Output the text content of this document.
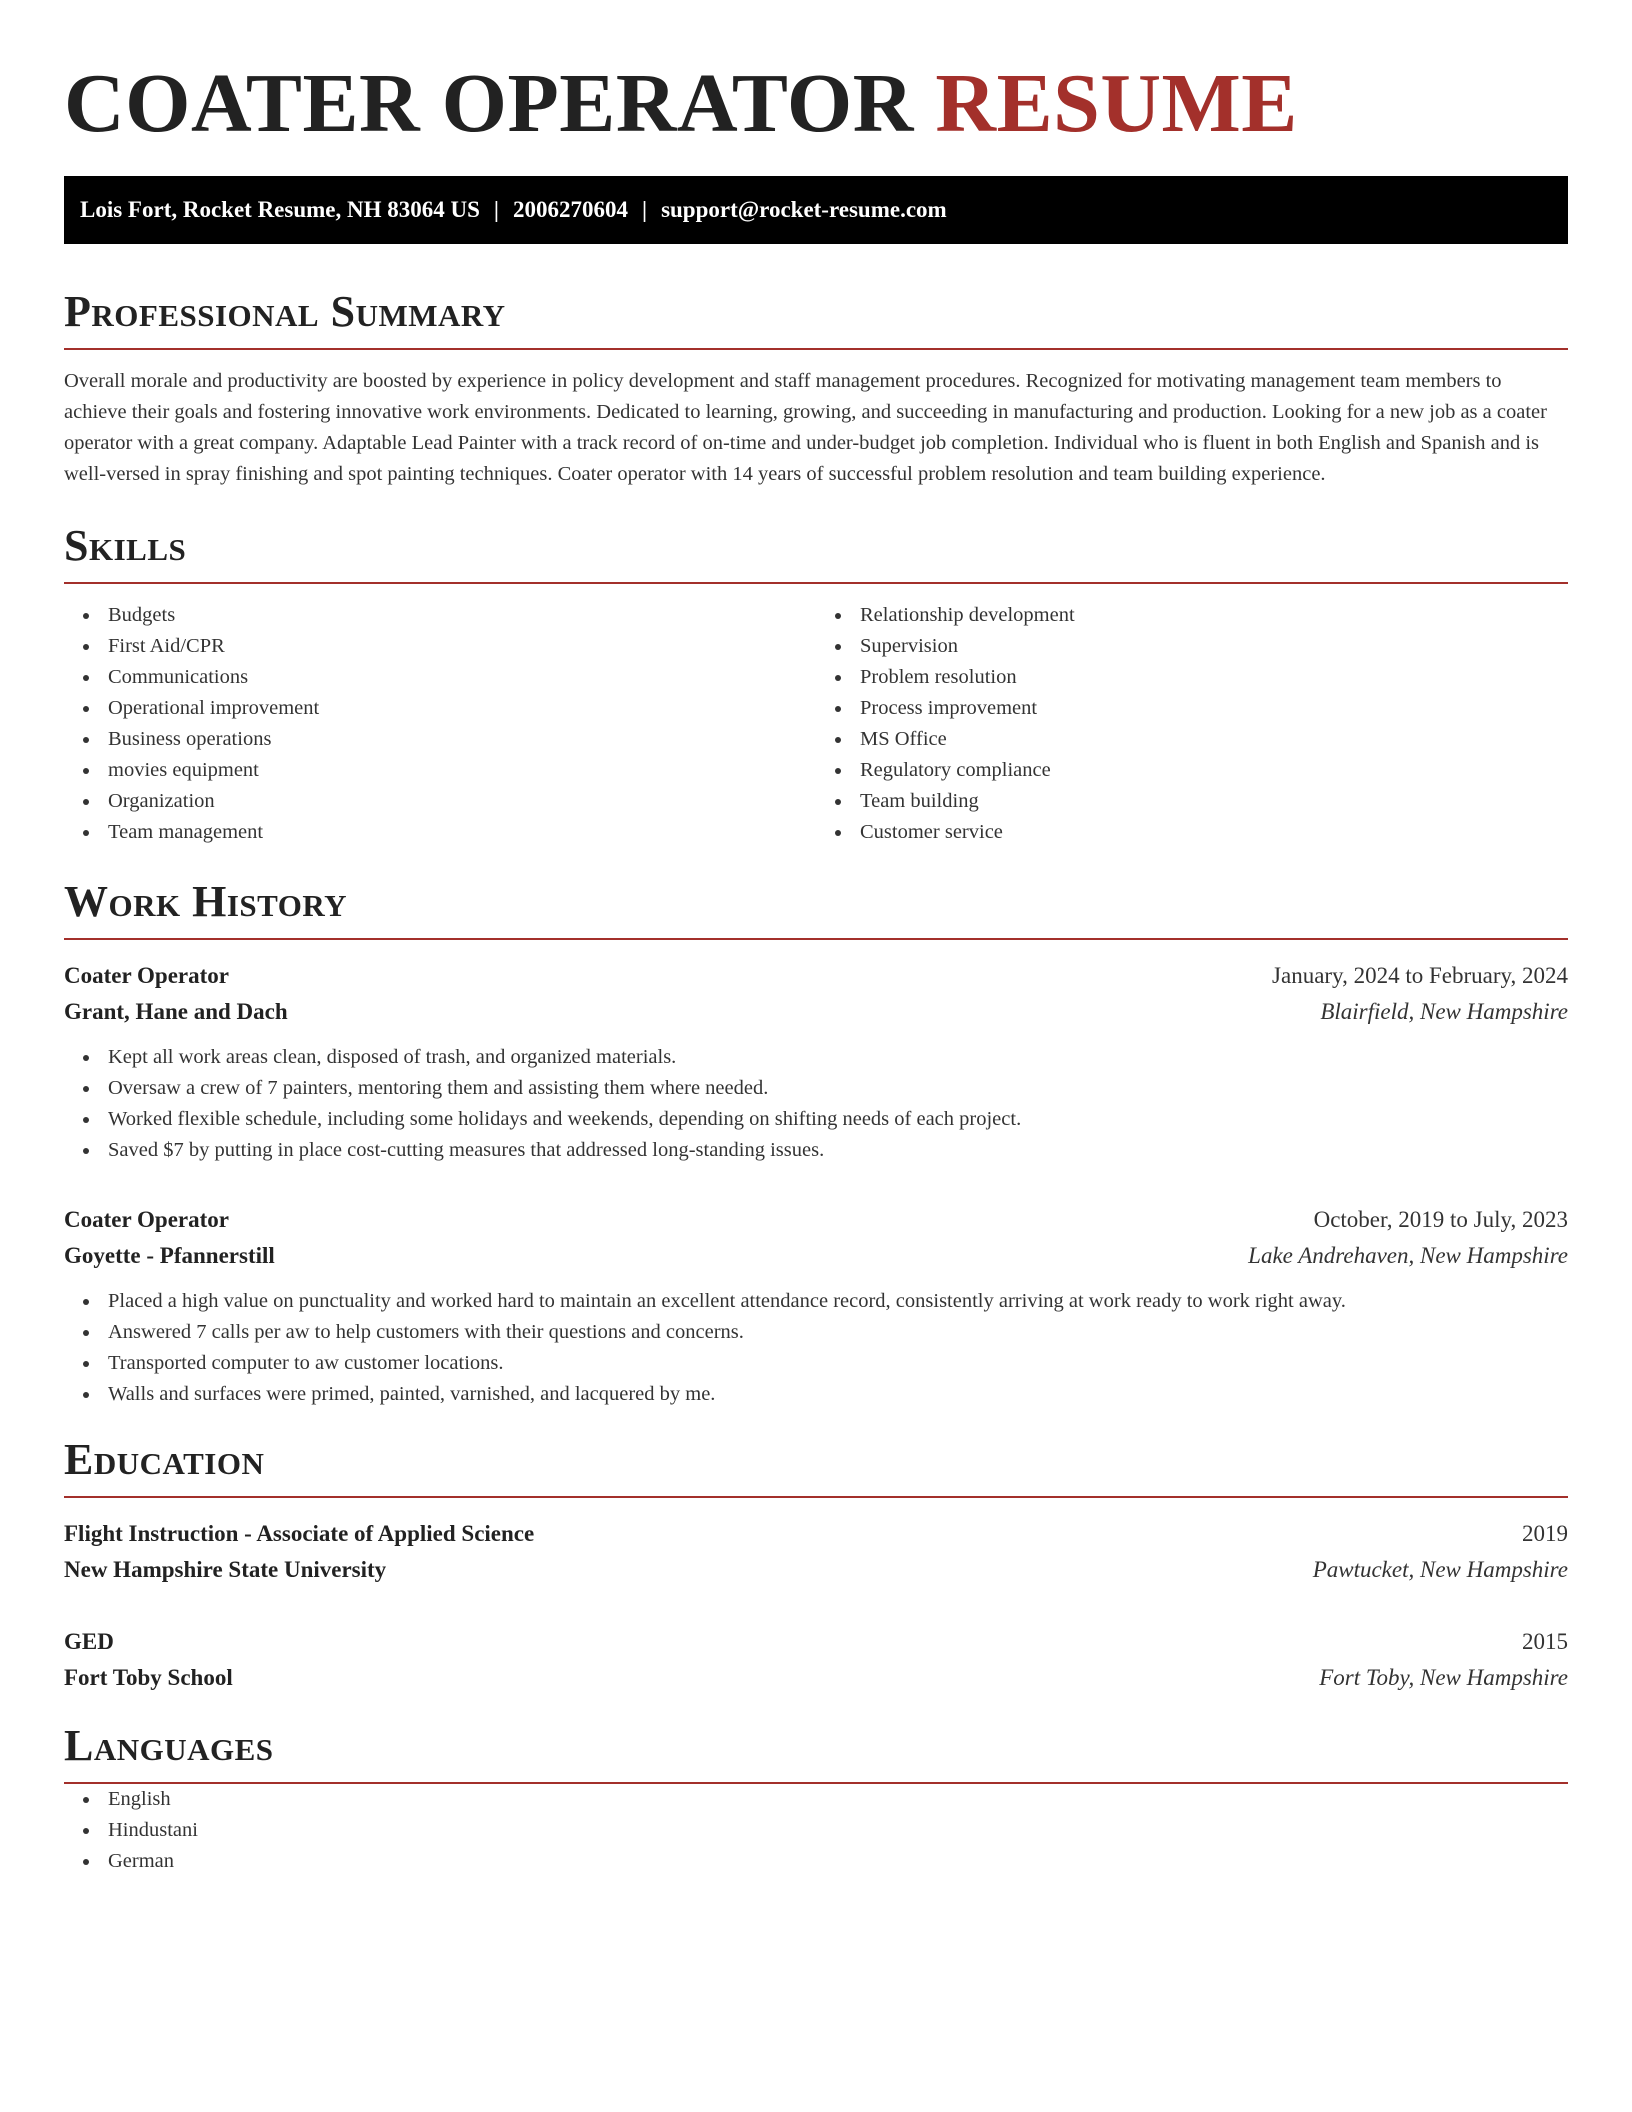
COATER OPERATOR RESUME
Lois Fort, Rocket Resume, NH 83064 US | 2006270604 | support@rocket-resume.com
Professional Summary

Overall morale and productivity are boosted by experience in policy development and staff management procedures. Recognized for motivating management team members to achieve their goals and fostering innovative work environments. Dedicated to learning, growing, and succeeding in manufacturing and production. Looking for a new job as a coater operator with a great company. Adaptable Lead Painter with a track record of on-time and under-budget job completion. Individual who is fluent in both English and Spanish and is well-versed in spray finishing and spot painting techniques. Coater operator with 14 years of successful problem resolution and team building experience.

Skills
Budgets
First Aid/CPR
Communications
Operational improvement
Business operations
movies equipment
Organization
Team management
Relationship development
Supervision
Problem resolution
Process improvement
MS Office
Regulatory compliance
Team building
Customer service
Work History
Coater Operator	January, 2024 to February, 2024
Grant, Hane and Dach	Blairfield, New Hampshire
Kept all work areas clean, disposed of trash, and organized materials.
Oversaw a crew of 7 painters, mentoring them and assisting them where needed.
Worked flexible schedule, including some holidays and weekends, depending on shifting needs of each project.
Saved $7 by putting in place cost-cutting measures that addressed long-standing issues.
Coater Operator	October, 2019 to July, 2023
Goyette - Pfannerstill	Lake Andrehaven, New Hampshire
Placed a high value on punctuality and worked hard to maintain an excellent attendance record, consistently arriving at work ready to work right away.
Answered 7 calls per aw to help customers with their questions and concerns.
Transported computer to aw customer locations.
Walls and surfaces were primed, painted, varnished, and lacquered by me.
Education
Flight Instruction - Associate of Applied Science	2019
New Hampshire State University	Pawtucket, New Hampshire
GED	2015
Fort Toby School	Fort Toby, New Hampshire
Languages
English
Hindustani
German
